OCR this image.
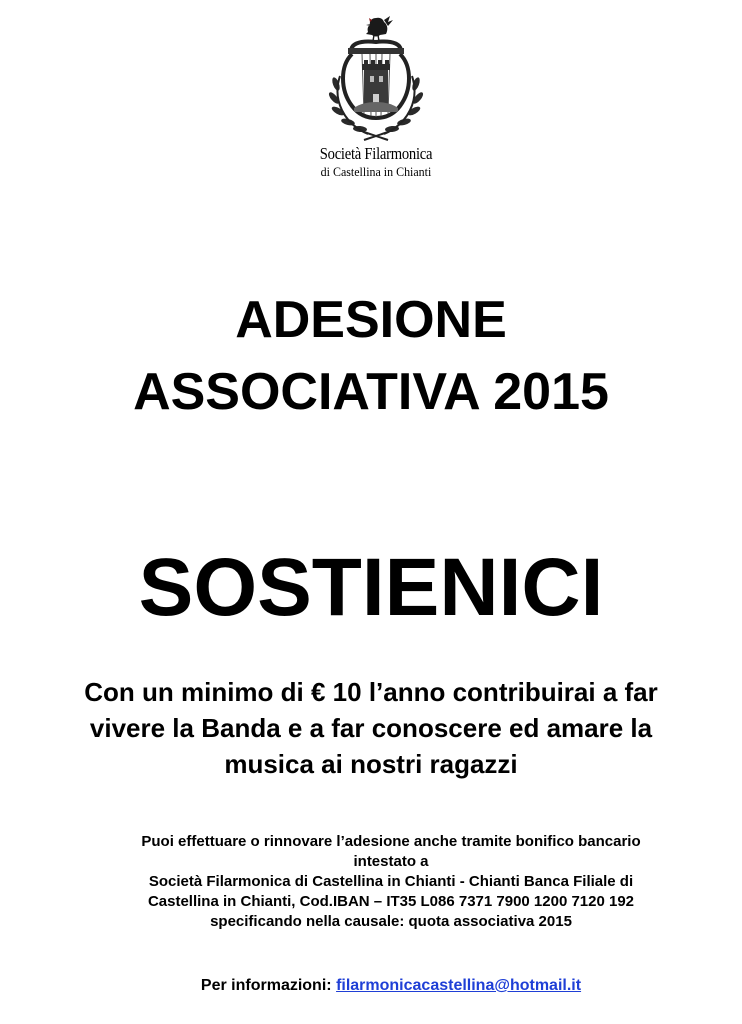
Società Filarmonica
di Castellina in Chianti
ADESIONE
ASSOCIATIVA 2015
SOSTIENICI
Con un minimo di € 10 l’anno contribuirai a far
vivere la Banda e a far conoscere ed amare la
musica ai nostri ragazzi
Puoi effettuare o rinnovare l’adesione anche tramite bonifico bancario
intestato a
Società Filarmonica di Castellina in Chianti - Chianti Banca Filiale di
Castellina in Chianti, Cod.IBAN – IT35 L086 7371 7900 1200 7120 192
specificando nella causale: quota associativa 2015
Per informazioni: filarmonicacastellina@hotmail.it
